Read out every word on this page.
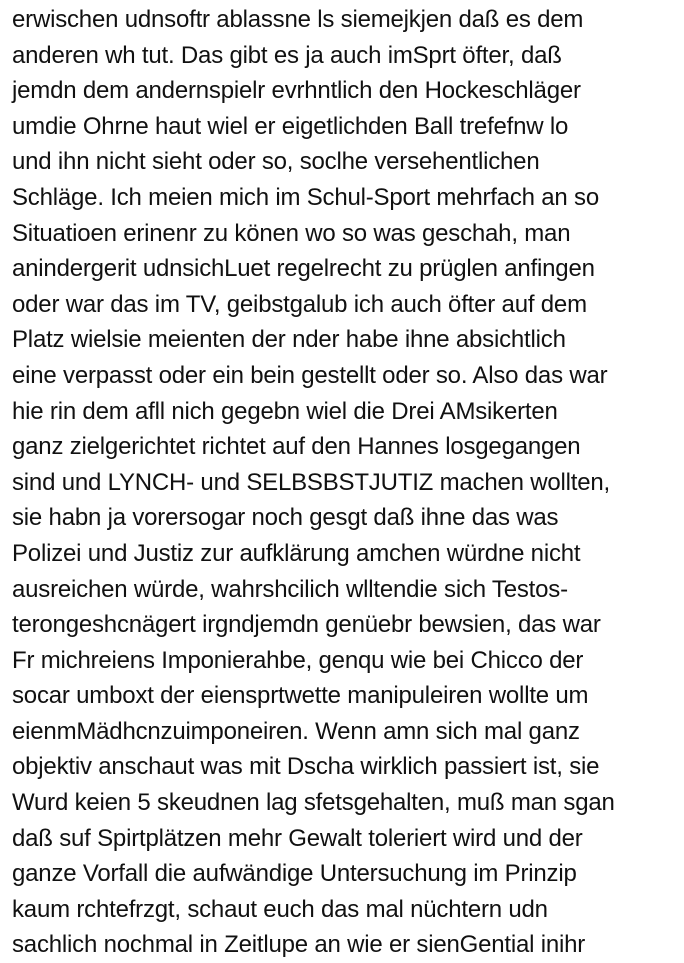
erwischen udnsoftr ablassne ls siemejkjen daß es dem
anderen wh tut. Das gibt es ja auch imSprt öfter, daß
jemdn dem andernspielr evrhntlich den Hockeschläger
umdie Ohrne haut wiel er eigetlichden Ball trefefnw lo
und ihn nicht sieht oder so, soclhe versehentlichen
Schläge. Ich meien mich im Schul-Sport mehrfach an so
Situatioen erinenr zu könen wo so was geschah, man
anindergerit udnsichLuet regelrecht zu prüglen anfingen
oder war das im TV, geibstgalub ich auch öfter auf dem
Platz wielsie meienten der nder habe ihne absichtlich
eine verpasst oder ein bein gestellt oder so. Also das war
hie rin dem afll nich gegebn wiel die Drei AMsikerten
ganz zielgerichtet richtet auf den Hannes losgegangen
sind und LYNCH- und SELBSBSTJUTIZ machen wollten,
sie habn ja vorersogar noch gesgt daß ihne das was
Polizei und Justiz zur aufklärung amchen würdne nicht
ausreichen würde, wahrshcilich wlltendie sich Testos-
terongeshcnägert irgndjemdn genüebr bewsien, das war
Fr michreiens Imponierahbe, genqu wie bei Chicco der
socar umboxt der eiensprtwette manipuleiren wollte um
eienmMädhcnzuimponeiren. Wenn amn sich mal ganz
objektiv anschaut was mit Dscha wirklich passiert ist, sie
Wurd keien 5 skeudnen lag sfetsgehalten, muß man sgan
daß suf Spirtplätzen mehr Gewalt toleriert wird und der
ganze Vorfall die aufwändige Untersuchung im Prinzip
kaum rchtefrzgt, schaut euch das mal nüchtern udn
sachlich nochmal in Zeitlupe an wie er sienGential inihr
